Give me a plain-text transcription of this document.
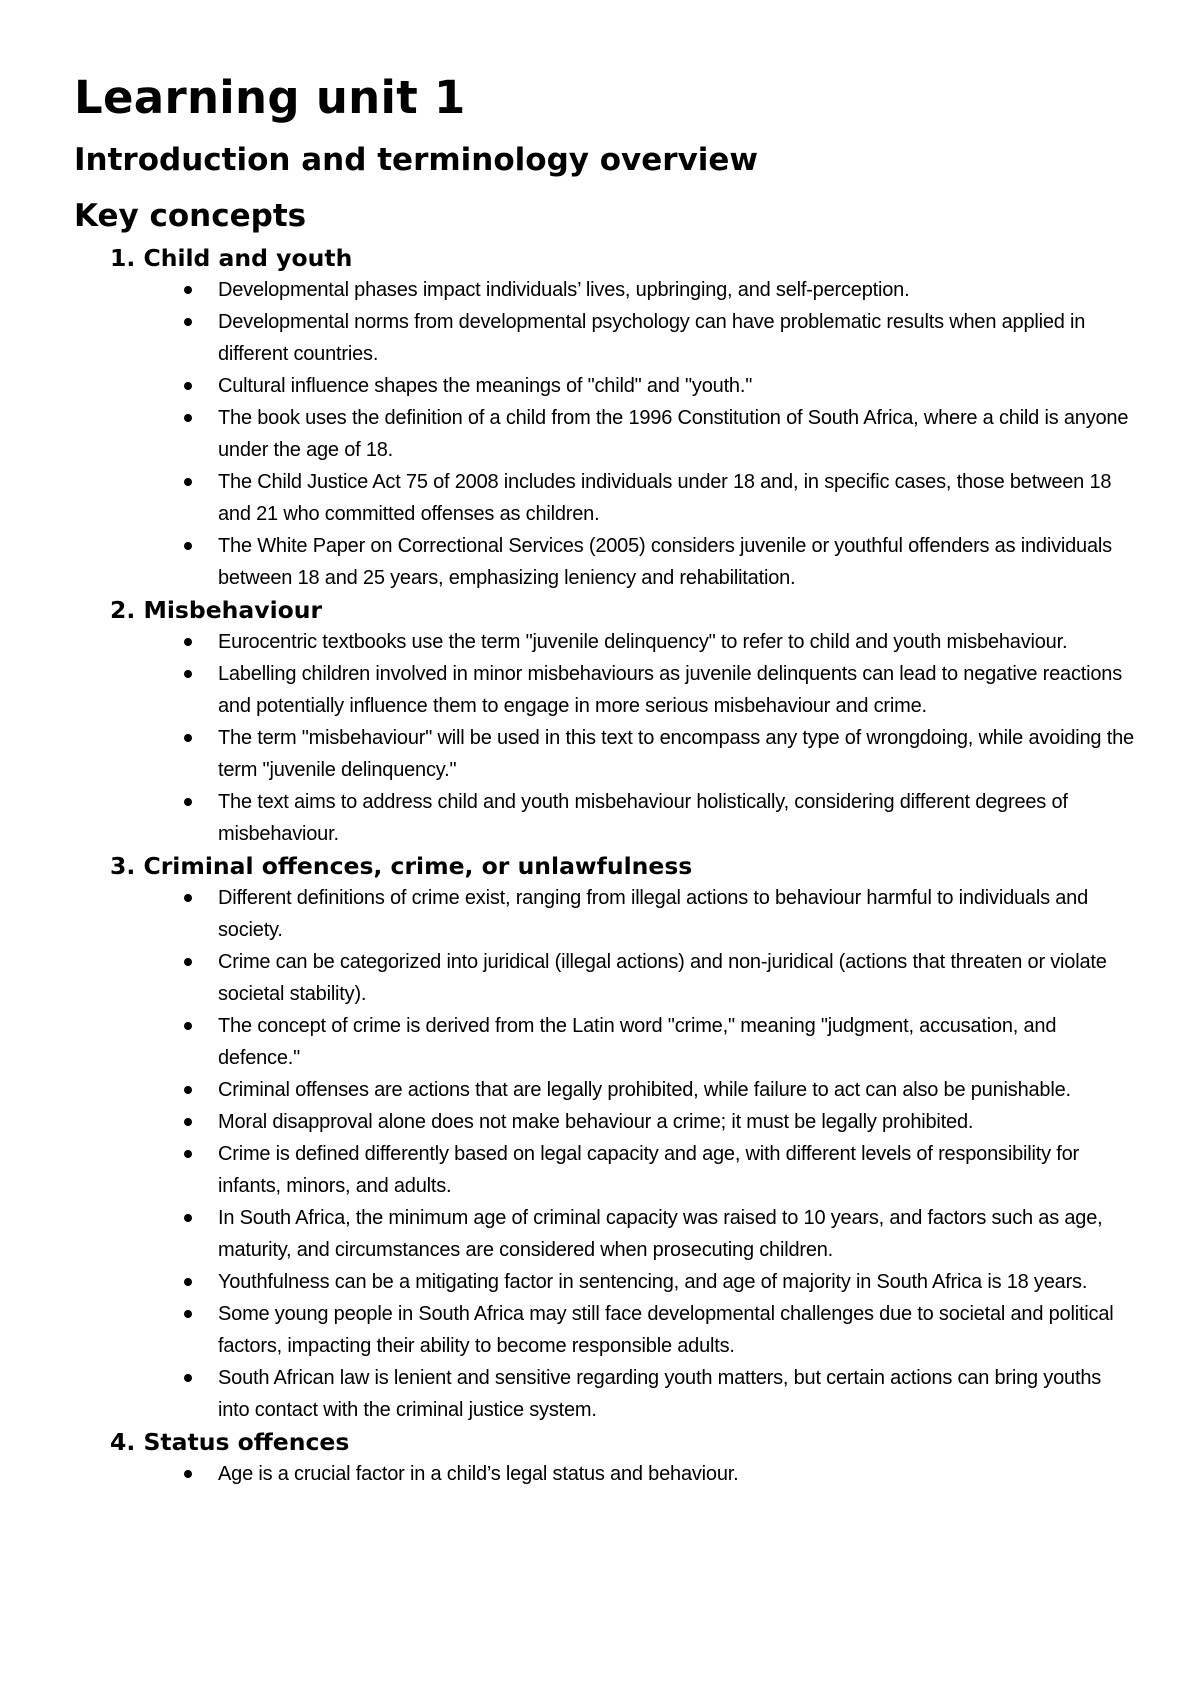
Learning unit 1
Introduction and terminology overview
Key concepts
1. Child and youth
Developmental phases impact individuals’ lives, upbringing, and self-perception.
Developmental norms from developmental psychology can have problematic results when applied in different countries.
Cultural influence shapes the meanings of "child" and "youth."
The book uses the definition of a child from the 1996 Constitution of South Africa, where a child is anyone under the age of 18.
The Child Justice Act 75 of 2008 includes individuals under 18 and, in specific cases, those between 18 and 21 who committed offenses as children.
The White Paper on Correctional Services (2005) considers juvenile or youthful offenders as individuals between 18 and 25 years, emphasizing leniency and rehabilitation.
2. Misbehaviour
Eurocentric textbooks use the term "juvenile delinquency" to refer to child and youth misbehaviour.
Labelling children involved in minor misbehaviours as juvenile delinquents can lead to negative reactions and potentially influence them to engage in more serious misbehaviour and crime.
The term "misbehaviour" will be used in this text to encompass any type of wrongdoing, while avoiding the term "juvenile delinquency."
The text aims to address child and youth misbehaviour holistically, considering different degrees of misbehaviour.
3. Criminal offences, crime, or unlawfulness
Different definitions of crime exist, ranging from illegal actions to behaviour harmful to individuals and society.
Crime can be categorized into juridical (illegal actions) and non-juridical (actions that threaten or violate societal stability).
The concept of crime is derived from the Latin word "crime," meaning "judgment, accusation, and defence."
Criminal offenses are actions that are legally prohibited, while failure to act can also be punishable.
Moral disapproval alone does not make behaviour a crime; it must be legally prohibited.
Crime is defined differently based on legal capacity and age, with different levels of responsibility for infants, minors, and adults.
In South Africa, the minimum age of criminal capacity was raised to 10 years, and factors such as age, maturity, and circumstances are considered when prosecuting children.
Youthfulness can be a mitigating factor in sentencing, and age of majority in South Africa is 18 years.
Some young people in South Africa may still face developmental challenges due to societal and political factors, impacting their ability to become responsible adults.
South African law is lenient and sensitive regarding youth matters, but certain actions can bring youths into contact with the criminal justice system.
4. Status offences
Age is a crucial factor in a child’s legal status and behaviour.
